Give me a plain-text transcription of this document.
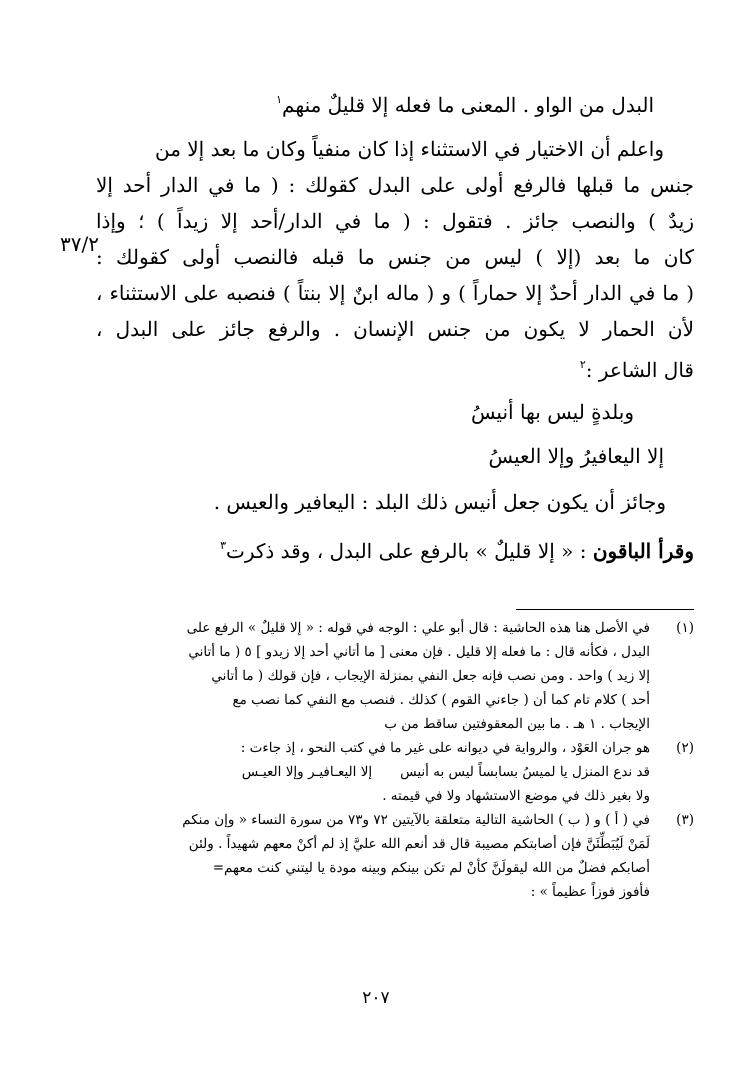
٣٧/٢
البدل من الواو . المعنى ما فعله إلا قليلٌ منهم$^١$
واعلم أن الاختيار في الاستثناء إذا كان منفياً وكان ما بعد إلا من
جنس ما قبلها فالرفع أولى على البدل كقولك : ( ما في الدار أحد إلا
زيدٌ ) والنصب جائز . فتقول : ( ما في الدار/أحد إلا زيداً ) ؛ وإذا
كان ما بعد (إلا ) ليس من جنس ما قبله فالنصب أولى كقولك :
( ما في الدار أحدٌ إلا حماراً ) و ( ماله ابنٌ إلا بنتاً ) فنصبه على الاستثناء ،
لأن الحمار لا يكون من جنس الإنسان . والرفع جائز على البدل ،
قال الشاعر :$^٢$
وبلدةٍ ليس بها أنيسُ
إلا اليعافيرُ وإلا العيسُ
وجائز أن يكون جعل أنيس ذلك البلد : اليعافير والعيس .
وقرأ الباقون : « إلا قليلٌ » بالرفع على البدل ، وقد ذكرت$^٣$
(١)
في الأصل هنا هذه الحاشية : قال أبو علي : الوجه في قوله : « إلا قليلٌ » الرفع على
البدل ، فكأنه قال : ما فعله إلا قليل . فإن معنى [ ما أتاني أحد إلا زيدو ] ٥ ( ما أتاني
إلا زيد ) واحد . ومن نصب فإنه جعل النفي بمنزلة الإيجاب ، فإن قولك ( ما أتاني
أحد ) كلام تام كما أن ( جاءني القوم ) كذلك . فنصب مع النفي كما نصب مع
الإيجاب . ١ هـ . ما بين المعقوفتين ساقط من ب
(٢)
هو جران العَوْد ، والرواية في ديوانه على غير ما في كتب النحو ، إذ جاءت :
قد ندع المنزل يا لميسُ بسابساً ليس به أنيس
إلا اليعـافيـر وإلا العيـس
ولا بغير ذلك في موضع الاستشهاد ولا في قيمته .
(٣)
في ( أ ) و ( ب ) الحاشية التالية متعلقة بالآيتين ٧٢ و٧٣ من سورة النساء « وإن منكم
لَمَنْ لَيُبَطِّئَنَّ فإن أصابتكم مصيبة قال قد أنعم الله عليَّ إذ لم أكنْ معهم شهيداً . ولئن
أصابكم فضلٌ من الله ليقولَنَّ كأنْ لم تكن بينكم وبينه مودة يا ليتني كنت معهم=
فأفوز فوزاً عظيماً » :
٢٠٧
